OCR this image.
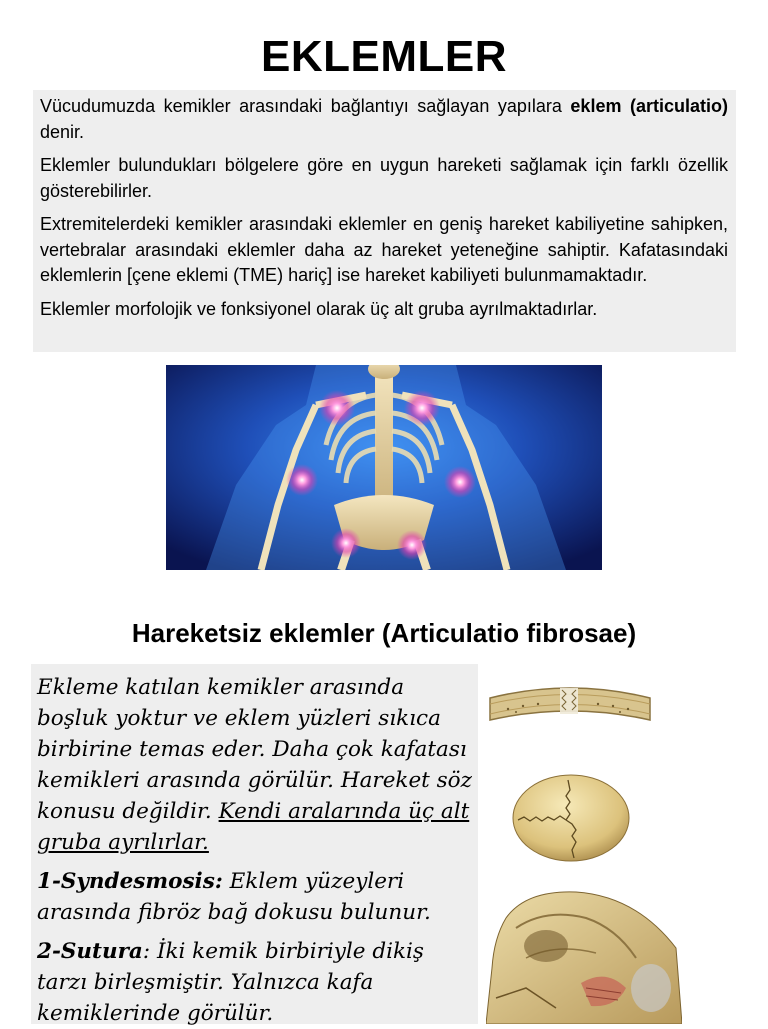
EKLEMLER

Vücudumuzda kemikler arasındaki bağlantıyı sağlayan yapılara eklem (articulatio) denir.

Eklemler bulundukları bölgelere göre en uygun hareketi sağlamak için farklı özellik gösterebilirler.

Extremitelerdeki kemikler arasındaki eklemler en geniş hareket kabiliyetine sahipken, vertebralar arasındaki eklemler daha az hareket yeteneğine sahiptir. Kafatasındaki eklemlerin [çene eklemi (TME) hariç] ise hareket kabiliyeti bulunmamaktadır.

Eklemler morfolojik ve fonksiyonel olarak üç alt gruba ayrılmaktadırlar.

Hareketsiz eklemler (Articulatio fibrosae)

Ekleme katılan kemikler arasında boşluk yoktur ve eklem yüzleri sıkıca birbirine temas eder. Daha çok kafatası kemikleri arasında görülür. Hareket söz konusu değildir. Kendi aralarında üç alt gruba ayrılırlar.

1-Syndesmosis: Eklem yüzeyleri arasında fibröz bağ dokusu bulunur.

2-Sutura: İki kemik birbiriyle dikiş tarzı birleşmiştir. Yalnızca kafa kemiklerinde görülür.
